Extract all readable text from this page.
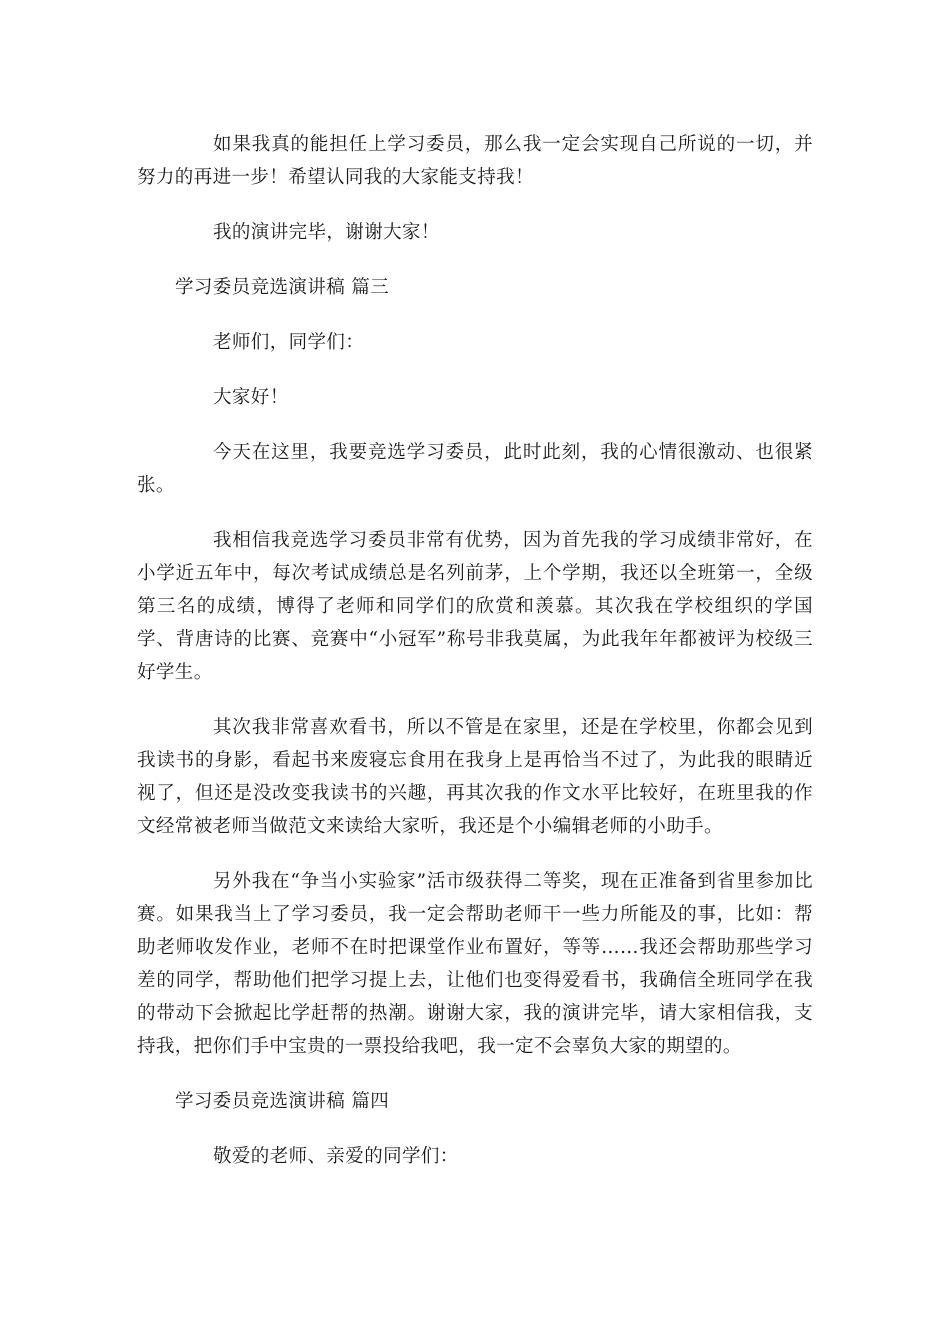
如果我真的能担任上学习委员，那么我一定会实现自己所说的一切，并努力的再进一步！希望认同我的大家能支持我！

我的演讲完毕，谢谢大家！

学习委员竞选演讲稿 篇三

老师们，同学们：

大家好！

今天在这里，我要竞选学习委员，此时此刻，我的心情很激动、也很紧张。

我相信我竞选学习委员非常有优势，因为首先我的学习成绩非常好，在小学近五年中，每次考试成绩总是名列前茅，上个学期，我还以全班第一，全级第三名的成绩，博得了老师和同学们的欣赏和羡慕。其次我在学校组织的学国学、背唐诗的比赛、竞赛中“小冠军”称号非我莫属，为此我年年都被评为校级三好学生。

其次我非常喜欢看书，所以不管是在家里，还是在学校里，你都会见到我读书的身影，看起书来废寝忘食用在我身上是再恰当不过了，为此我的眼睛近视了，但还是没改变我读书的兴趣，再其次我的作文水平比较好，在班里我的作文经常被老师当做范文来读给大家听，我还是个小编辑老师的小助手。

另外我在“争当小实验家”活市级获得二等奖，现在正准备到省里参加比赛。如果我当上了学习委员，我一定会帮助老师干一些力所能及的事，比如：帮助老师收发作业，老师不在时把课堂作业布置好，等等……我还会帮助那些学习差的同学，帮助他们把学习提上去，让他们也变得爱看书，我确信全班同学在我的带动下会掀起比学赶帮的热潮。谢谢大家，我的演讲完毕，请大家相信我，支持我，把你们手中宝贵的一票投给我吧，我一定不会辜负大家的期望的。

学习委员竞选演讲稿 篇四

敬爱的老师、亲爱的同学们：
